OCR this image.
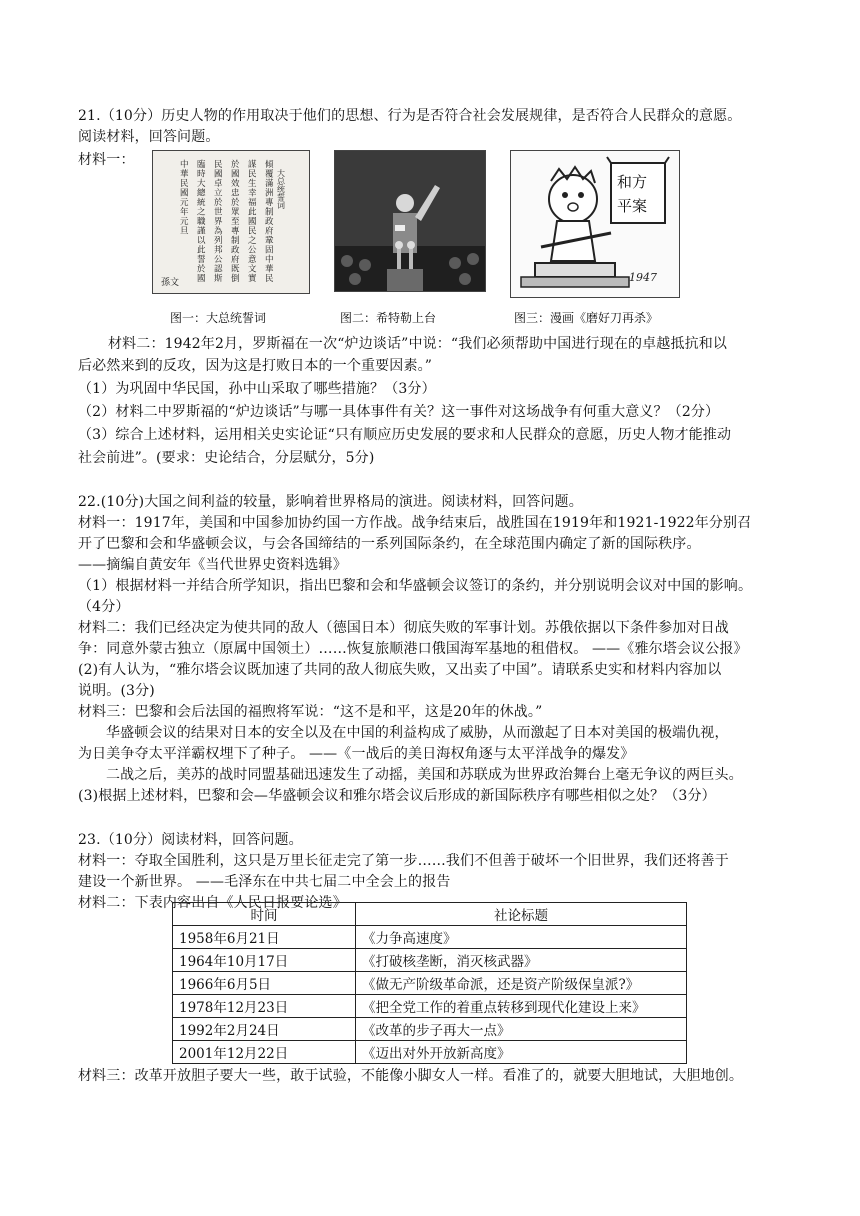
21.（10分）历史人物的作用取决于他们的思想、行为是否符合社会发展规律，是否符合人民群众的意愿。
阅读材料，回答问题。
材料一：
大总统誓词
傾覆滿洲專制政府鞏固中華民
謀民生幸福此國民之公意文實
於國效忠於眾至專制政府既倒
民國卓立於世界為列邦公認斯
臨時大總統之職謹以此誓於國
中華民國元年元旦
孫文
图一：大总统誓词	图二：希特勒上台
和方
平案
1947
图三：漫画《磨好刀再杀》
材料二：1942年2月，罗斯福在一次“炉边谈话”中说：“我们必须帮助中国进行现在的卓越抵抗和以
后必然来到的反攻，因为这是打败日本的一个重要因素。”
（1）为巩固中华民国，孙中山采取了哪些措施？（3分）
（2）材料二中罗斯福的“炉边谈话”与哪一具体事件有关？这一事件对这场战争有何重大意义？（2分）
（3）综合上述材料，运用相关史实论证“只有顺应历史发展的要求和人民群众的意愿，历史人物才能推动
社会前进”。(要求：史论结合，分层赋分，5分)
22.(10分)大国之间利益的较量，影响着世界格局的演进。阅读材料，回答问题。
材料一：1917年，美国和中国参加协约国一方作战。战争结束后，战胜国在1919年和1921-1922年分别召
开了巴黎和会和华盛顿会议，与会各国缔结的一系列国际条约，在全球范围内确定了新的国际秩序。
——摘编自黄安年《当代世界史资料选辑》
（1）根据材料一并结合所学知识，指出巴黎和会和华盛顿会议签订的条约，并分别说明会议对中国的影响。
（4分）
材料二：我们已经决定为使共同的敌人（德国日本）彻底失败的军事计划。苏俄依据以下条件参加对日战
争：同意外蒙古独立（原属中国领土）……恢复旅顺港口俄国海军基地的租借权。 ——《雅尔塔会议公报》
(2)有人认为，“雅尔塔会议既加速了共同的敌人彻底失败，又出卖了中国”。请联系史实和材料内容加以
说明。(3分)
材料三：巴黎和会后法国的福煦将军说：“这不是和平，这是20年的休战。”
华盛顿会议的结果对日本的安全以及在中国的利益构成了威胁，从而激起了日本对美国的极端仇视，
为日美争夺太平洋霸权埋下了种子。 ——《一战后的美日海权角逐与太平洋战争的爆发》
二战之后，美苏的战时同盟基础迅速发生了动摇，美国和苏联成为世界政治舞台上毫无争议的两巨头。
(3)根据上述材料，巴黎和会—华盛顿会议和雅尔塔会议后形成的新国际秩序有哪些相似之处？（3分）
23.（10分）阅读材料，回答问题。
材料一：夺取全国胜利，这只是万里长征走完了第一步……我们不但善于破坏一个旧世界，我们还将善于
建设一个新世界。 ——毛泽东在中共七届二中全会上的报告
材料二：下表内容出自《人民日报要论选》
时间	社论标题
1958年6月21日	《力争高速度》
1964年10月17日	《打破核垄断，消灭核武器》
1966年6月5日	《做无产阶级革命派，还是资产阶级保皇派?》
1978年12月23日	《把全党工作的着重点转移到现代化建设上来》
1992年2月24日	《改革的步子再大一点》
2001年12月22日	《迈出对外开放新高度》
材料三：改革开放胆子要大一些，敢于试验，不能像小脚女人一样。看准了的，就要大胆地试，大胆地创。
